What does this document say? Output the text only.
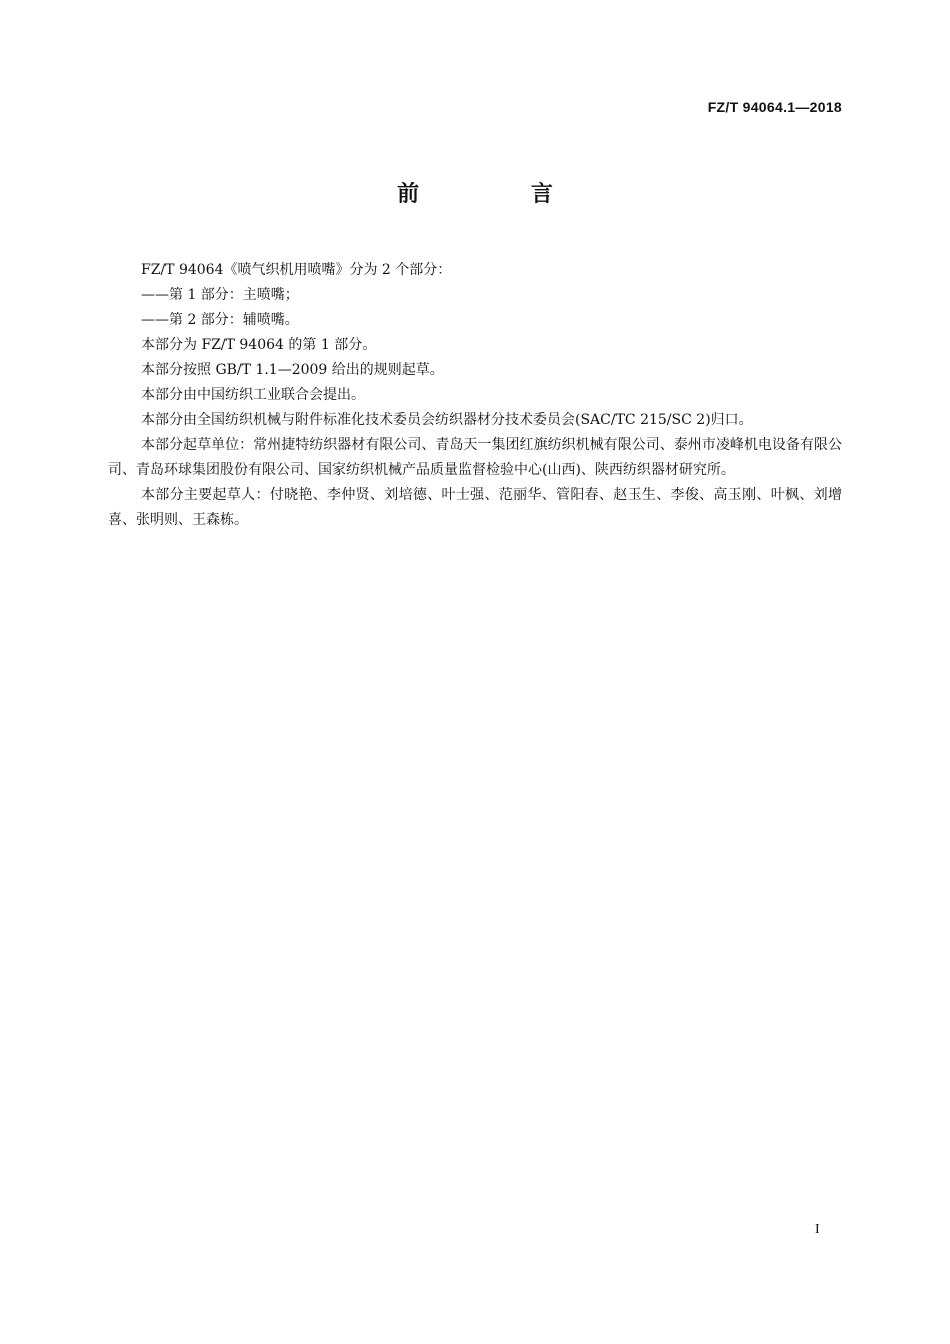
FZ/T 94064.1—2018
前 言

FZ/T 94064《喷气织机用喷嘴》分为 2 个部分：

——第 1 部分：主喷嘴；

——第 2 部分：辅喷嘴。

本部分为 FZ/T 94064 的第 1 部分。

本部分按照 GB/T 1.1—2009 给出的规则起草。

本部分由中国纺织工业联合会提出。

本部分由全国纺织机械与附件标准化技术委员会纺织器材分技术委员会(SAC/TC 215/SC 2)归口。

本部分起草单位：常州捷特纺织器材有限公司、青岛天一集团红旗纺织机械有限公司、泰州市凌峰机电设备有限公司、青岛环球集团股份有限公司、国家纺织机械产品质量监督检验中心(山西)、陕西纺织器材研究所。

本部分主要起草人：付晓艳、李仲贤、刘培德、叶士强、范丽华、管阳春、赵玉生、李俊、高玉刚、叶枫、刘增喜、张明则、王森栋。

I
